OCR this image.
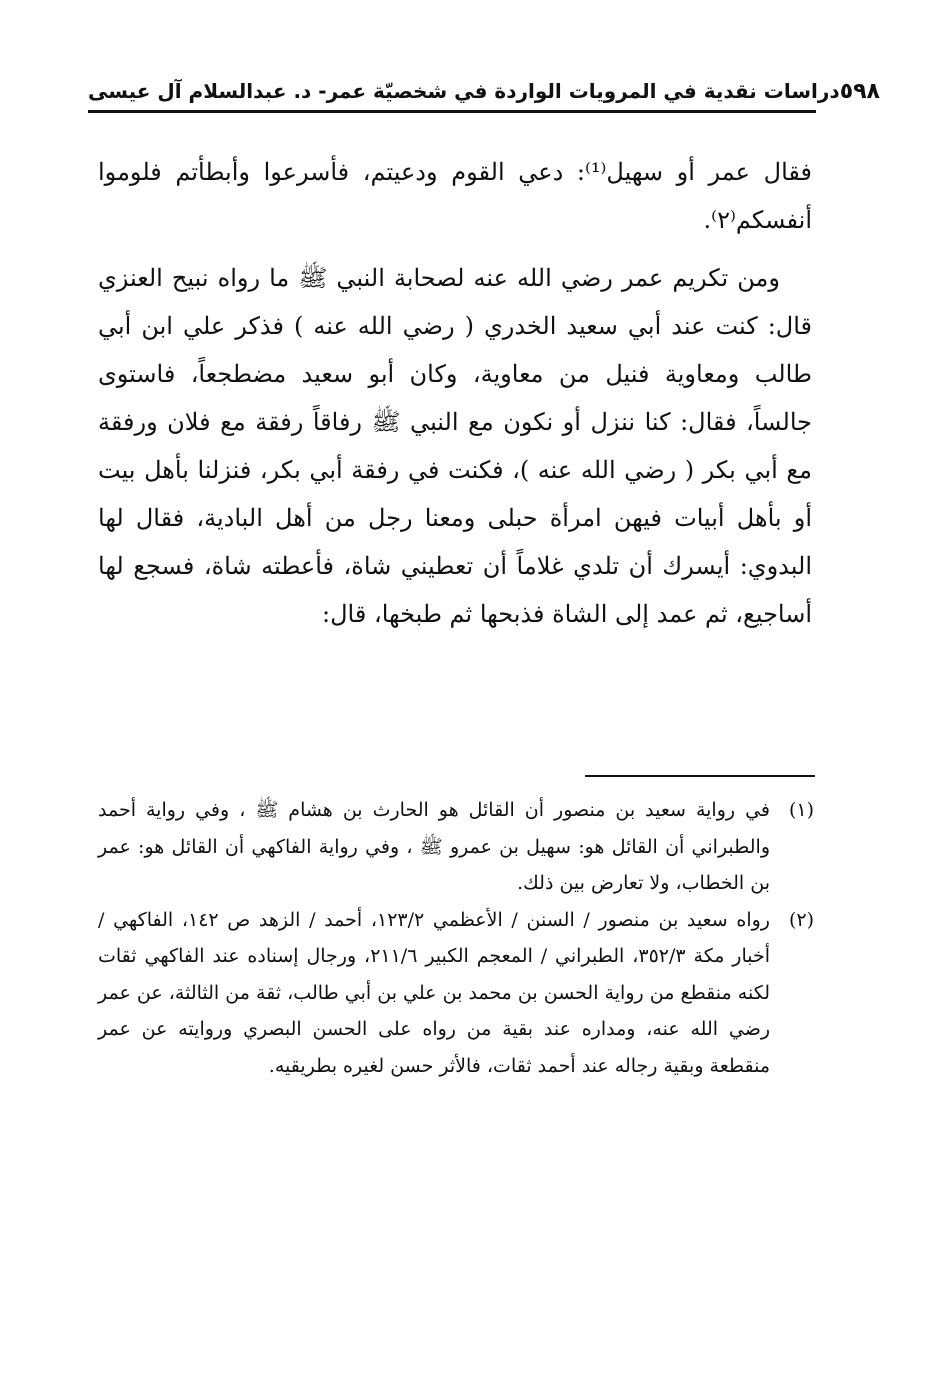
دراسات نقدية في المرويات الواردة في شخصيّة عمر- د. عبدالسلام آل عيسى ٥٩٨

فقال عمر أو سهيل⁽¹⁾: دعي القوم ودعيتم، فأسرعوا وأبطأتم فلوموا أنفسكم⁽٢⁾.

ومن تكريم عمر رضي الله عنه لصحابة النبي ﷺ ما رواه نبيح العنزي قال: كنت عند أبي سعيد الخدري ( رضي الله عنه ) فذكر علي ابن أبي طالب ومعاوية فنيل من معاوية، وكان أبو سعيد مضطجعاً، فاستوى جالساً، فقال: كنا ننزل أو نكون مع النبي ﷺ رفاقاً رفقة مع فلان ورفقة مع أبي بكر ( رضي الله عنه )، فكنت في رفقة أبي بكر، فنزلنا بأهل بيت أو بأهل أبيات فيهن امرأة حبلى ومعنا رجل من أهل البادية، فقال لها البدوي: أيسرك أن تلدي غلاماً أن تعطيني شاة، فأعطته شاة، فسجع لها أساجيع، ثم عمد إلى الشاة فذبحها ثم طبخها، قال:

(١)
في رواية سعيد بن منصور أن القائل هو الحارث بن هشام ﷺ ، وفي رواية أحمد والطبراني أن القائل هو: سهيل بن عمرو ﷺ ، وفي رواية الفاكهي أن القائل هو: عمر بن الخطاب، ولا تعارض بين ذلك.
(٢)
رواه سعيد بن منصور / السنن / الأعظمي ١٢٣/٢، أحمد / الزهد ص ١٤٢، الفاكهي / أخبار مكة ٣٥٢/٣، الطبراني / المعجم الكبير ٢١١/٦، ورجال إسناده عند الفاكهي ثقات لكنه منقطع من رواية الحسن بن محمد بن علي بن أبي طالب، ثقة من الثالثة، عن عمر رضي الله عنه، ومداره عند بقية من رواه على الحسن البصري وروايته عن عمر منقطعة وبقية رجاله عند أحمد ثقات، فالأثر حسن لغيره بطريقيه.
